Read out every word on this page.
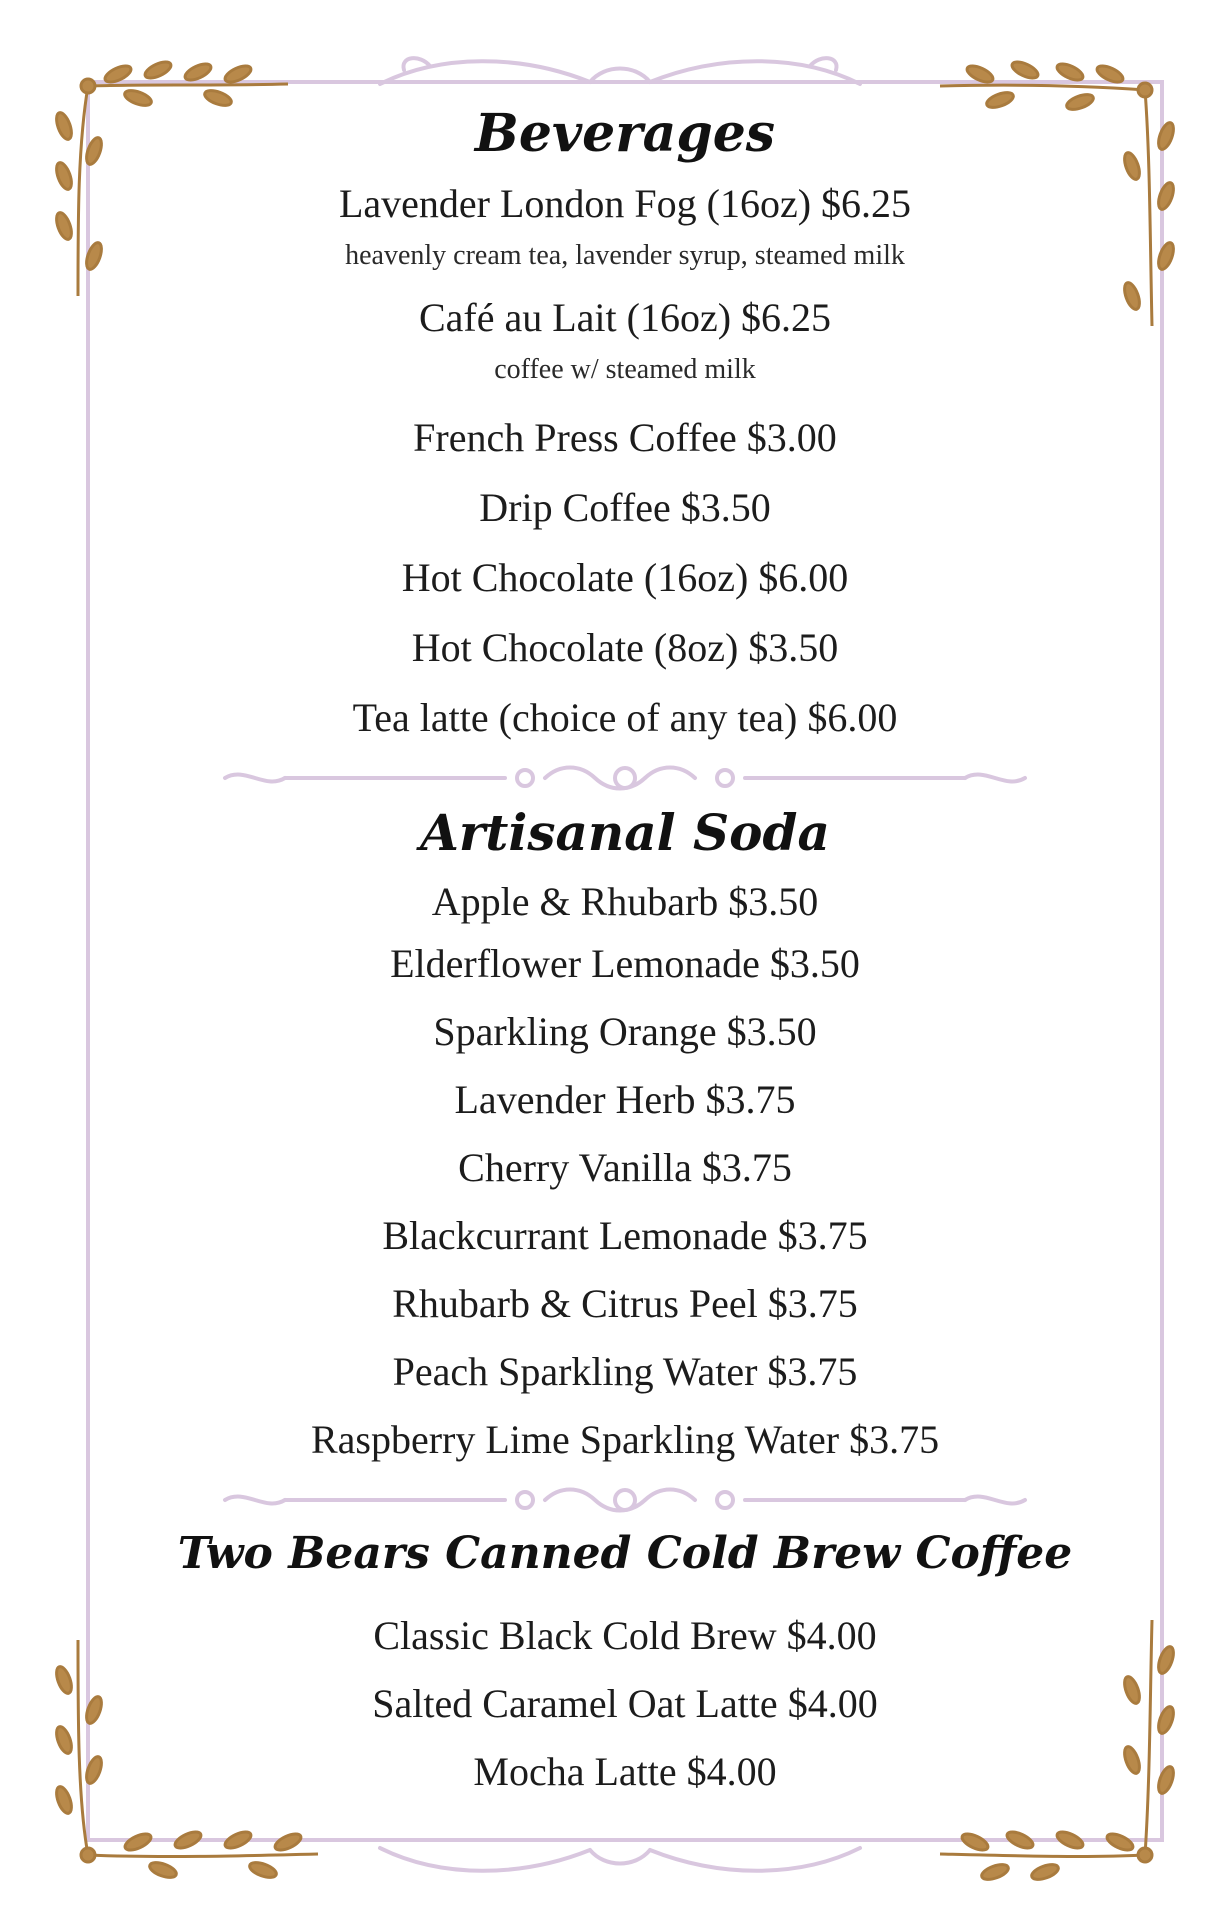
Beverages

Lavender London Fog (16oz) $6.25

heavenly cream tea, lavender syrup, steamed milk

Café au Lait (16oz) $6.25

coffee w/ steamed milk

French Press Coffee $3.00

Drip Coffee $3.50

Hot Chocolate (16oz) $6.00

Hot Chocolate (8oz) $3.50

Tea latte (choice of any tea) $6.00

Artisanal Soda

Apple & Rhubarb $3.50

Elderflower Lemonade $3.50

Sparkling Orange $3.50

Lavender Herb $3.75

Cherry Vanilla $3.75

Blackcurrant Lemonade $3.75

Rhubarb & Citrus Peel $3.75

Peach Sparkling Water $3.75

Raspberry Lime Sparkling Water $3.75

Two Bears Canned Cold Brew Coffee

Classic Black Cold Brew $4.00

Salted Caramel Oat Latte $4.00

Mocha Latte $4.00
